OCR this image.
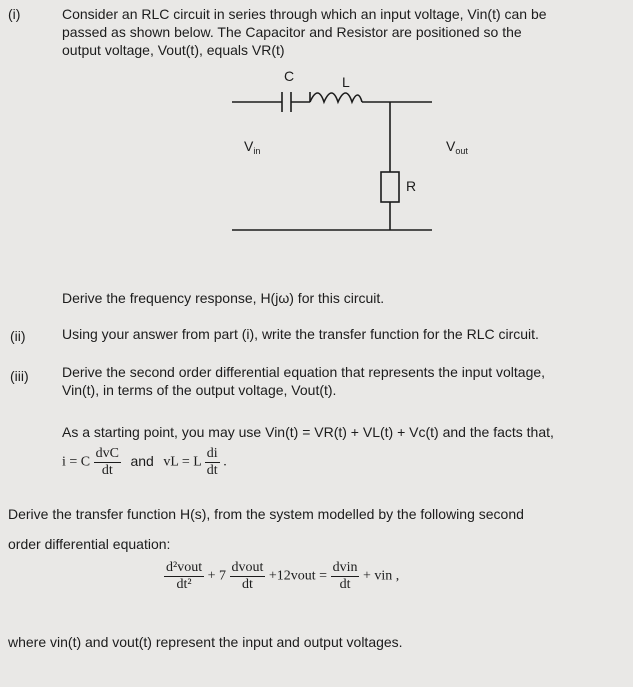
(i)	Consider an RLC circuit in series through which an input voltage, Vin(t) can be
passed as shown below. The Capacitor and Resistor are positioned so the
output voltage, Vout(t), equals VR(t)
C	L
$V_{in}$	$V_{out}$
R
Derive the frequency response, H(jω) for this circuit.
(ii)	Using your answer from part (i), write the transfer function for the RLC circuit.
(iii) Derive the second order differential equation that represents the input voltage,
Vin(t), in terms of the output voltage, Vout(t).
As a starting point, you may use Vin(t) = VR(t) + VL(t) + Vc(t) and the facts that,
i = C $\frac{\text{dvC}}{dt}$ and vL = L $\frac{di}{dt}$ .
Derive the transfer function H(s), from the system modelled by the following second
order differential equation:
$\frac{\text{d²vout}}{\text{dt²}} + 7 \frac{\text{dvout}}{dt}$ +12vout = $\frac{\text{dvin}}{dt}$ + vin ,
where vin(t) and vout(t) represent the input and output voltages.
